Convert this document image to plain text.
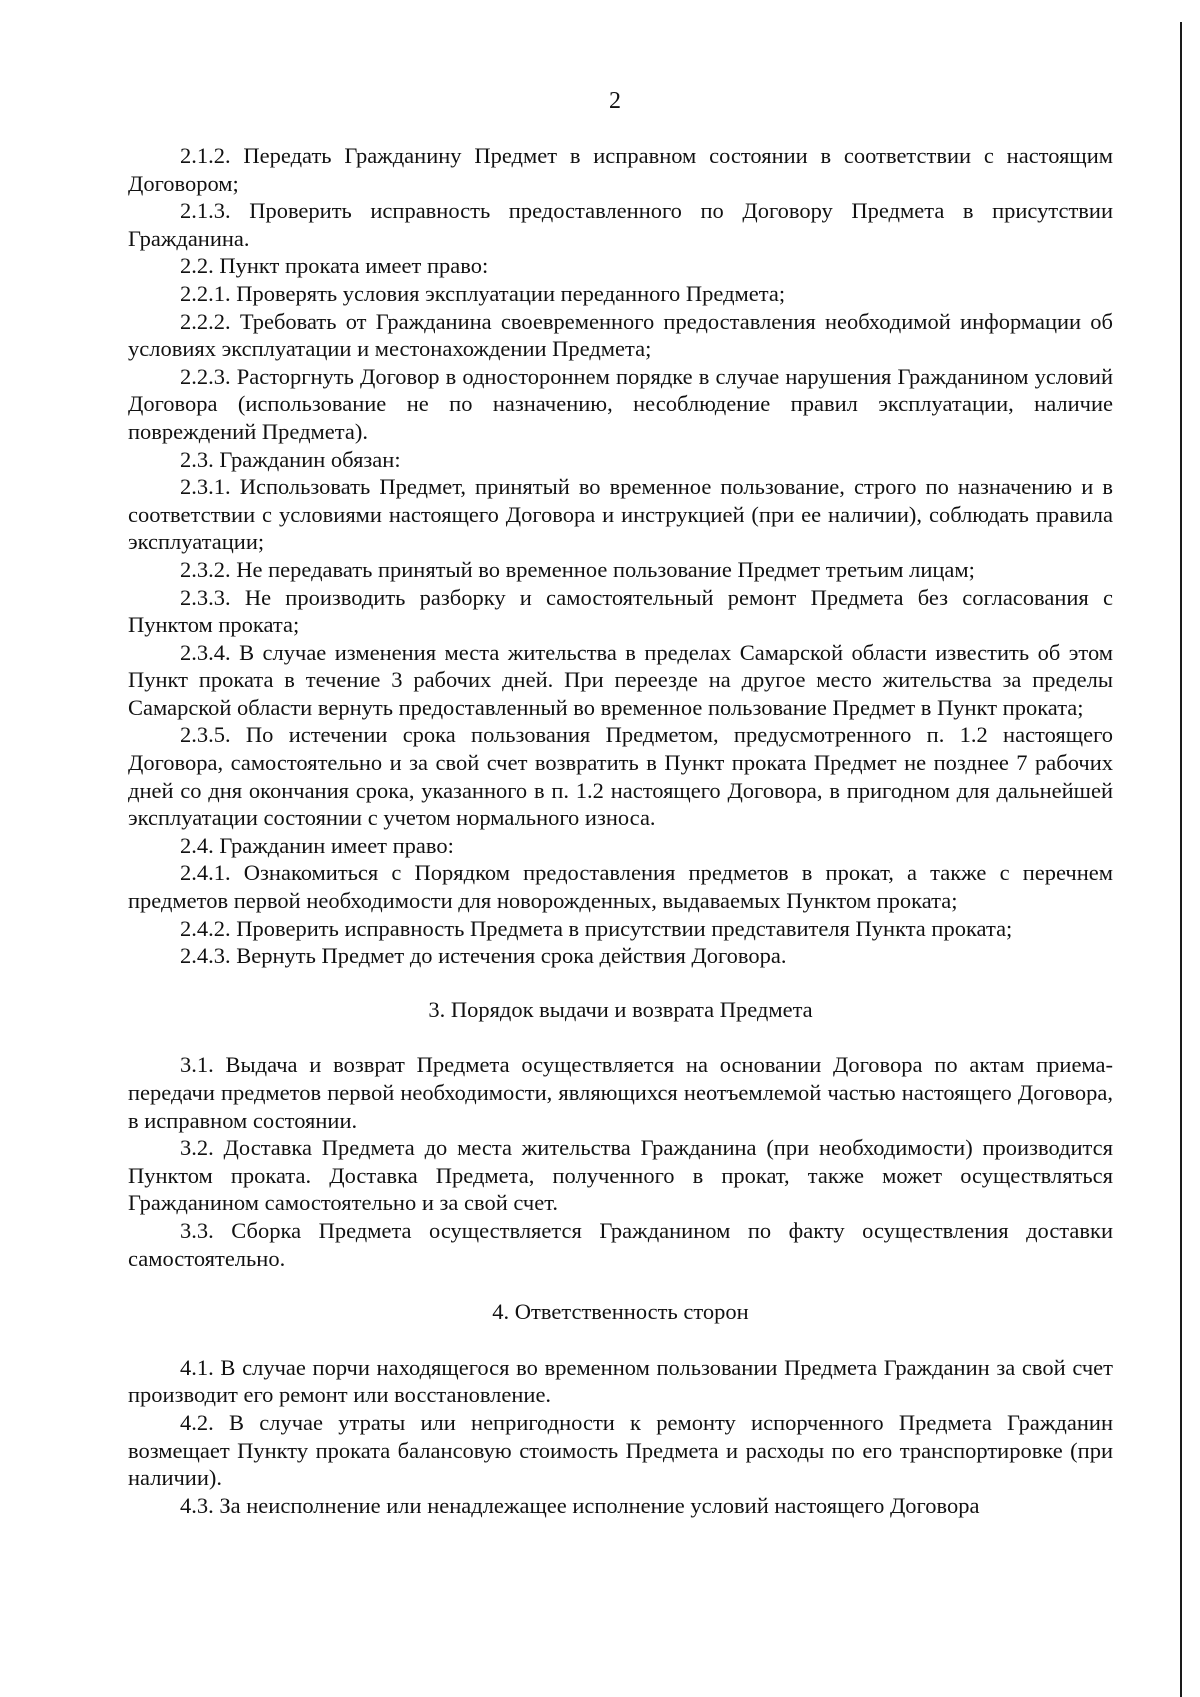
2

2.1.2. Передать Гражданину Предмет в исправном состоянии в соответствии с настоящим Договором;

2.1.3. Проверить исправность предоставленного по Договору Предмета в присутствии Гражданина.

2.2. Пункт проката имеет право:

2.2.1. Проверять условия эксплуатации переданного Предмета;

2.2.2. Требовать от Гражданина своевременного предоставления необходимой информации об условиях эксплуатации и местонахождении Предмета;

2.2.3. Расторгнуть Договор в одностороннем порядке в случае нарушения Гражданином условий Договора (использование не по назначению, несоблюдение правил эксплуатации, наличие повреждений Предмета).

2.3. Гражданин обязан:

2.3.1. Использовать Предмет, принятый во временное пользование, строго по назначению и в соответствии с условиями настоящего Договора и инструкцией (при ее наличии), соблюдать правила эксплуатации;

2.3.2. Не передавать принятый во временное пользование Предмет третьим лицам;

2.3.3. Не производить разборку и самостоятельный ремонт Предмета без согласования с Пунктом проката;

2.3.4. В случае изменения места жительства в пределах Самарской области известить об этом Пункт проката в течение 3 рабочих дней. При переезде на другое место жительства за пределы Самарской области вернуть предоставленный во временное пользование Предмет в Пункт проката;

2.3.5. По истечении срока пользования Предметом, предусмотренного п. 1.2 настоящего Договора, самостоятельно и за свой счет возвратить в Пункт проката Предмет не позднее 7 рабочих дней со дня окончания срока, указанного в п. 1.2 настоящего Договора, в пригодном для дальнейшей эксплуатации состоянии с учетом нормального износа.

2.4. Гражданин имеет право:

2.4.1. Ознакомиться с Порядком предоставления предметов в прокат, а также с перечнем предметов первой необходимости для новорожденных, выдаваемых Пунктом проката;

2.4.2. Проверить исправность Предмета в присутствии представителя Пункта проката;

2.4.3. Вернуть Предмет до истечения срока действия Договора.

3. Порядок выдачи и возврата Предмета

3.1. Выдача и возврат Предмета осуществляется на основании Договора по актам приема-передачи предметов первой необходимости, являющихся неотъемлемой частью настоящего Договора, в исправном состоянии.

3.2. Доставка Предмета до места жительства Гражданина (при необходимости) производится Пунктом проката. Доставка Предмета, полученного в прокат, также может осуществляться Гражданином самостоятельно и за свой счет.

3.3. Сборка Предмета осуществляется Гражданином по факту осуществления доставки самостоятельно.

4. Ответственность сторон

4.1. В случае порчи находящегося во временном пользовании Предмета Гражданин за свой счет производит его ремонт или восстановление.

4.2. В случае утраты или непригодности к ремонту испорченного Предмета Гражданин возмещает Пункту проката балансовую стоимость Предмета и расходы по его транспортировке (при наличии).

4.3. За неисполнение или ненадлежащее исполнение условий настоящего Договора
